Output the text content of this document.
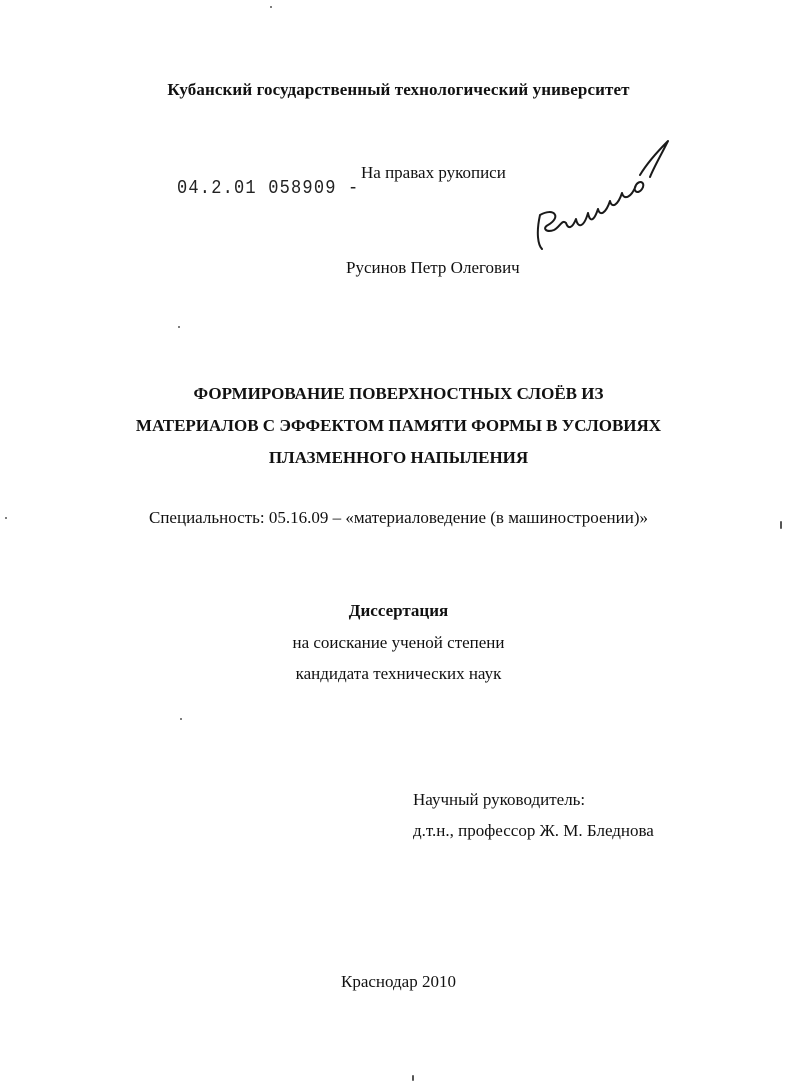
Кубанский государственный технологический университет
04.2.01 058909 -
На правах рукописи
Русинов Петр Олегович
ФОРМИРОВАНИЕ ПОВЕРХНОСТНЫХ СЛОЁВ ИЗ
МАТЕРИАЛОВ С ЭФФЕКТОМ ПАМЯТИ ФОРМЫ В УСЛОВИЯХ
ПЛАЗМЕННОГО НАПЫЛЕНИЯ
Специальность: 05.16.09 – «материаловедение (в машиностроении)»
Диссертация
на соискание ученой степени
кандидата технических наук
Научный руководитель:
д.т.н., профессор Ж. М. Бледнова
Краснодар 2010
